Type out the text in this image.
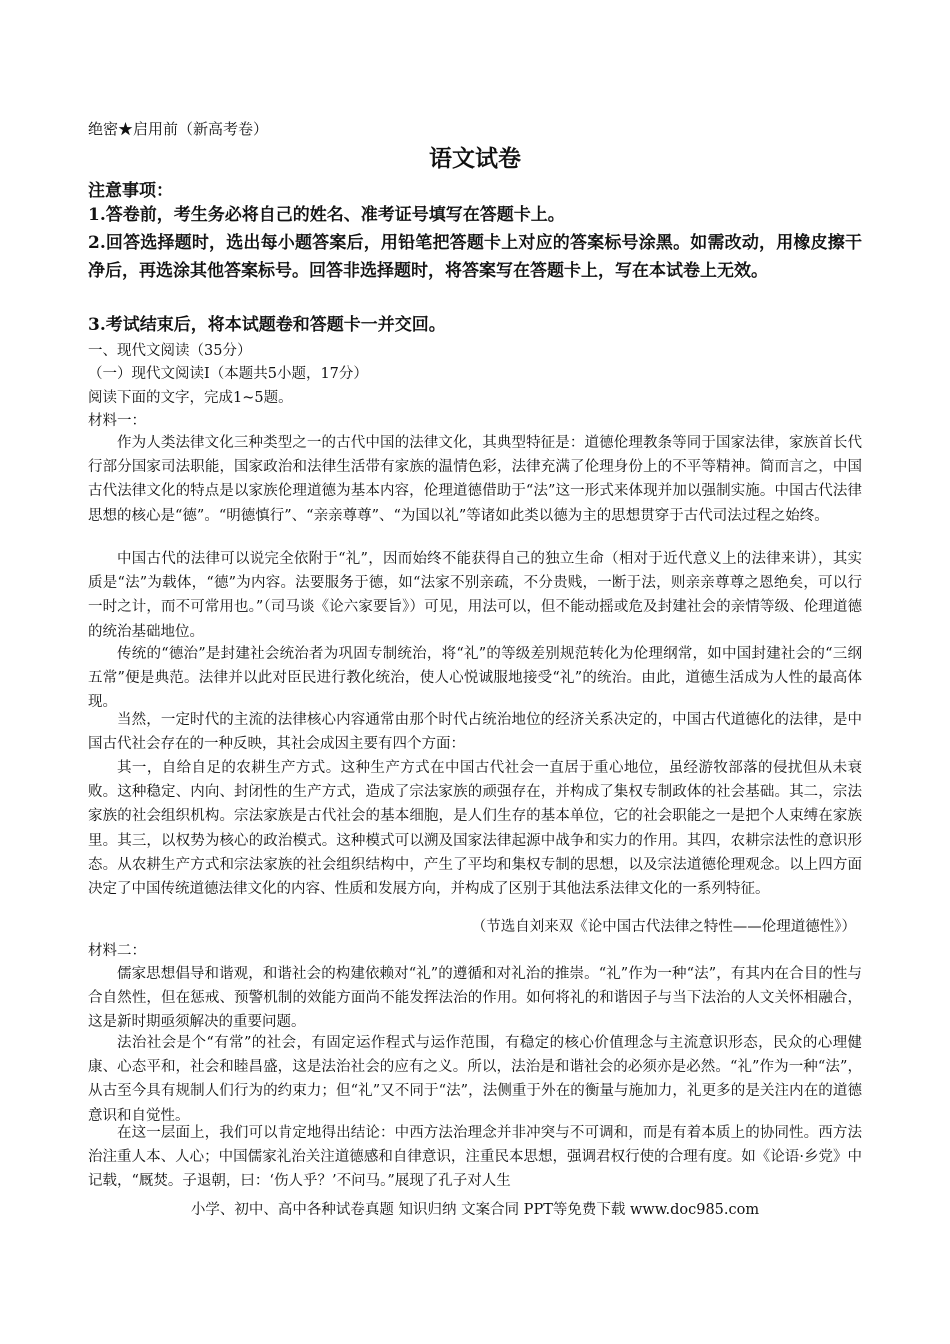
绝密★启用前（新高考卷）
语文试卷
注意事项：
1.答卷前，考生务必将自己的姓名、准考证号填写在答题卡上。
2.回答选择题时，选出每小题答案后，用铅笔把答题卡上对应的答案标号涂黑。如需改动，用橡皮擦干净后，再选涂其他答案标号。回答非选择题时，将答案写在答题卡上，写在本试卷上无效。
3.考试结束后，将本试题卷和答题卡一并交回。
一、现代文阅读（35分）
（一）现代文阅读Ⅰ（本题共5小题，17分）
阅读下面的文字，完成1~5题。
材料一：
作为人类法律文化三种类型之一的古代中国的法律文化，其典型特征是：道德伦理教条等同于国家法律，家族首长代行部分国家司法职能，国家政治和法律生活带有家族的温情色彩，法律充满了伦理身份上的不平等精神。简而言之，中国古代法律文化的特点是以家族伦理道德为基本内容，伦理道德借助于“法”这一形式来体现并加以强制实施。中国古代法律思想的核心是“德”。“明德慎行”、“亲亲尊尊”、“为国以礼”等诸如此类以德为主的思想贯穿于古代司法过程之始终。
中国古代的法律可以说完全依附于“礼”，因而始终不能获得自己的独立生命（相对于近代意义上的法律来讲），其实质是“法”为载体，“德”为内容。法要服务于德，如“法家不别亲疏，不分贵贱，一断于法，则亲亲尊尊之恩绝矣，可以行一时之计，而不可常用也。”（司马谈《论六家要旨》）可见，用法可以，但不能动摇或危及封建社会的亲情等级、伦理道德的统治基础地位。
传统的“德治”是封建社会统治者为巩固专制统治，将“礼”的等级差别规范转化为伦理纲常，如中国封建社会的“三纲五常”便是典范。法律并以此对臣民进行教化统治，使人心悦诚服地接受“礼”的统治。由此，道德生活成为人性的最高体现。
当然，一定时代的主流的法律核心内容通常由那个时代占统治地位的经济关系决定的，中国古代道德化的法律，是中国古代社会存在的一种反映，其社会成因主要有四个方面：
其一，自给自足的农耕生产方式。这种生产方式在中国古代社会一直居于重心地位，虽经游牧部落的侵扰但从未衰败。这种稳定、内向、封闭性的生产方式，造成了宗法家族的顽强存在，并构成了集权专制政体的社会基础。其二，宗法家族的社会组织机构。宗法家族是古代社会的基本细胞，是人们生存的基本单位，它的社会职能之一是把个人束缚在家族里。其三，以权势为核心的政治模式。这种模式可以溯及国家法律起源中战争和实力的作用。其四，农耕宗法性的意识形态。从农耕生产方式和宗法家族的社会组织结构中，产生了平均和集权专制的思想，以及宗法道德伦理观念。以上四方面决定了中国传统道德法律文化的内容、性质和发展方向，并构成了区别于其他法系法律文化的一系列特征。
（节选自刘来双《论中国古代法律之特性——伦理道德性》）
材料二：
儒家思想倡导和谐观，和谐社会的构建依赖对“礼”的遵循和对礼治的推崇。“礼”作为一种“法”，有其内在合目的性与合自然性，但在惩戒、预警机制的效能方面尚不能发挥法治的作用。如何将礼的和谐因子与当下法治的人文关怀相融合，这是新时期亟须解决的重要问题。
法治社会是个“有常”的社会，有固定运作程式与运作范围，有稳定的核心价值理念与主流意识形态，民众的心理健康、心态平和，社会和睦昌盛，这是法治社会的应有之义。所以，法治是和谐社会的必须亦是必然。“礼”作为一种“法”，从古至今具有规制人们行为的约束力；但“礼”又不同于“法”，法侧重于外在的衡量与施加力，礼更多的是关注内在的道德意识和自觉性。
在这一层面上，我们可以肯定地得出结论：中西方法治理念并非冲突与不可调和，而是有着本质上的协同性。西方法治注重人本、人心；中国儒家礼治关注道德感和自律意识，注重民本思想，强调君权行使的合理有度。如《论语·乡党》中记载，“厩焚。子退朝，曰：‘伤人乎？’不问马。”展现了孔子对人生
小学、初中、高中各种试卷真题 知识归纳 文案合同 PPT等免费下载 www.doc985.com
